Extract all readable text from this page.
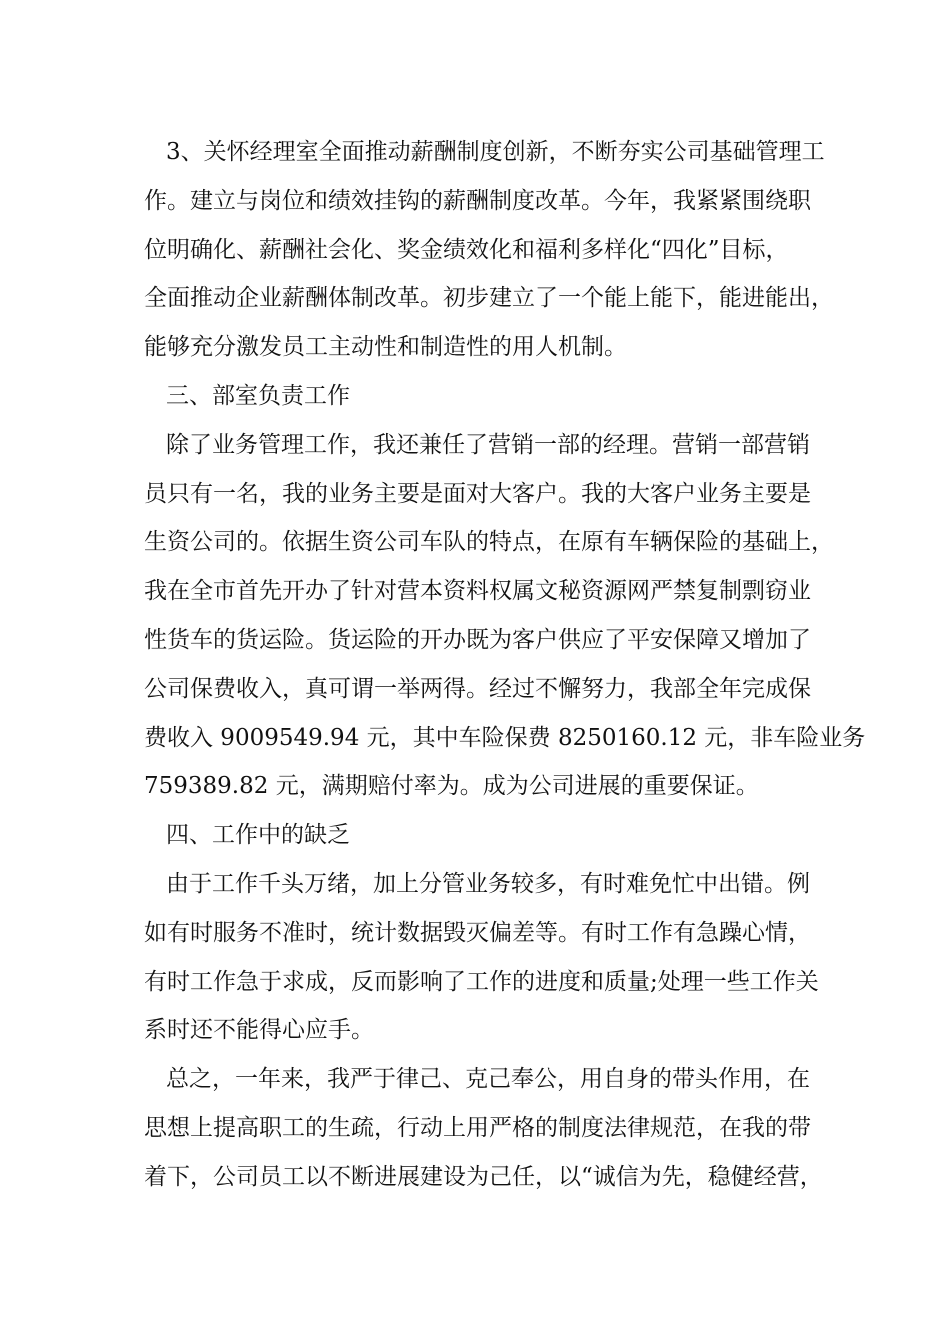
3、关怀经理室全面推动薪酬制度创新，不断夯实公司基础管理工
作。建立与岗位和绩效挂钩的薪酬制度改革。今年，我紧紧围绕职
位明确化、薪酬社会化、奖金绩效化和福利多样化“四化”目标，
全面推动企业薪酬体制改革。初步建立了一个能上能下，能进能出，
能够充分激发员工主动性和制造性的用人机制。
三、部室负责工作
除了业务管理工作，我还兼任了营销一部的经理。营销一部营销
员只有一名，我的业务主要是面对大客户。我的大客户业务主要是
生资公司的。依据生资公司车队的特点，在原有车辆保险的基础上，
我在全市首先开办了针对营本资料权属文秘资源网严禁复制剽窃业
性货车的货运险。货运险的开办既为客户供应了平安保障又增加了
公司保费收入，真可谓一举两得。经过不懈努力，我部全年完成保
费收入 9009549.94 元，其中车险保费 8250160.12 元，非车险业务
759389.82 元，满期赔付率为。成为公司进展的重要保证。
四、工作中的缺乏
由于工作千头万绪，加上分管业务较多，有时难免忙中出错。例
如有时服务不准时，统计数据毁灭偏差等。有时工作有急躁心情，
有时工作急于求成，反而影响了工作的进度和质量;处理一些工作关
系时还不能得心应手。
总之，一年来，我严于律己、克己奉公，用自身的带头作用，在
思想上提高职工的生疏，行动上用严格的制度法律规范，在我的带
着下，公司员工以不断进展建设为己任，以“诚信为先，稳健经营，
